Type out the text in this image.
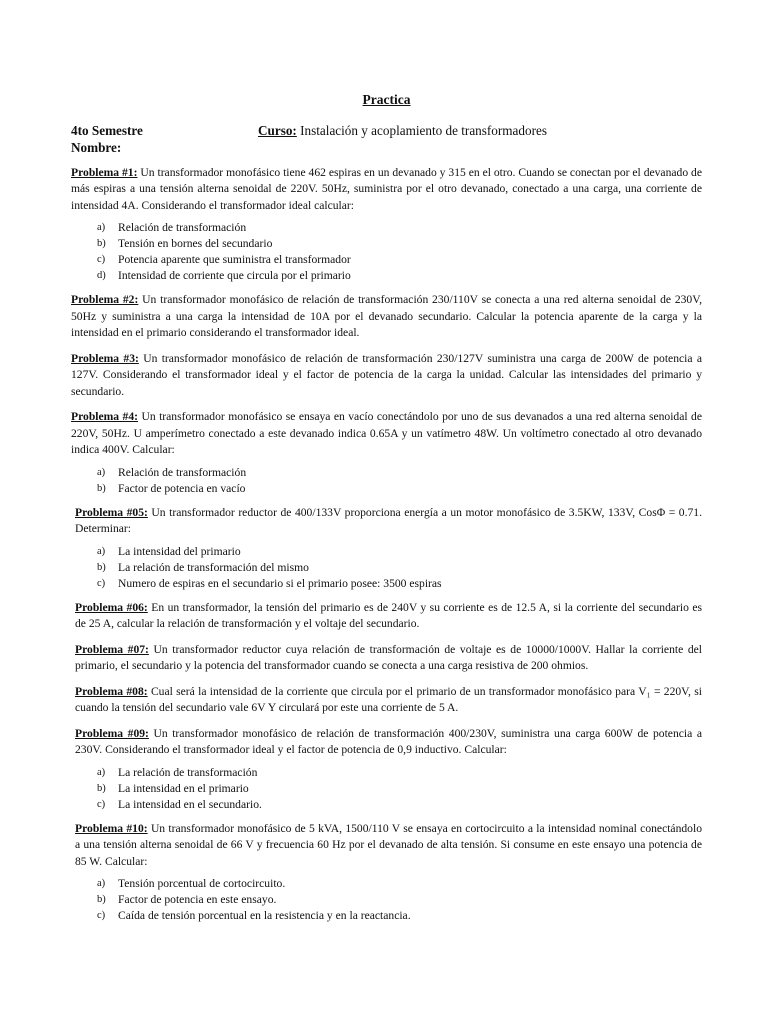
Practica
4to Semestre	Curso: Instalación y acoplamiento de transformadores
Nombre:

Problema #1: Un transformador monofásico tiene 462 espiras en un devanado y 315 en el otro. Cuando se conectan por el devanado de más espiras a una tensión alterna senoidal de 220V. 50Hz, suministra por el otro devanado, conectado a una carga, una corriente de intensidad 4A. Considerando el transformador ideal calcular:

a) Relación de transformación
b) Tensión en bornes del secundario
c) Potencia aparente que suministra el transformador
d) Intensidad de corriente que circula por el primario

Problema #2: Un transformador monofásico de relación de transformación 230/110V se conecta a una red alterna senoidal de 230V, 50Hz y suministra a una carga la intensidad de 10A por el devanado secundario. Calcular la potencia aparente de la carga y la intensidad en el primario considerando el transformador ideal.

Problema #3: Un transformador monofásico de relación de transformación 230/127V suministra una carga de 200W de potencia a 127V. Considerando el transformador ideal y el factor de potencia de la carga la unidad. Calcular las intensidades del primario y secundario.

Problema #4: Un transformador monofásico se ensaya en vacío conectándolo por uno de sus devanados a una red alterna senoidal de 220V, 50Hz. U amperímetro conectado a este devanado indica 0.65A y un vatímetro 48W. Un voltímetro conectado al otro devanado indica 400V. Calcular:

a) Relación de transformación
b) Factor de potencia en vacío

Problema #05: Un transformador reductor de 400/133V proporciona energía a un motor monofásico de 3.5KW, 133V, CosΦ = 0.71. Determinar:

a) La intensidad del primario
b) La relación de transformación del mismo
c) Numero de espiras en el secundario si el primario posee: 3500 espiras

Problema #06: En un transformador, la tensión del primario es de 240V y su corriente es de 12.5 A, si la corriente del secundario es de 25 A, calcular la relación de transformación y el voltaje del secundario.

Problema #07: Un transformador reductor cuya relación de transformación de voltaje es de 10000/1000V. Hallar la corriente del primario, el secundario y la potencia del transformador cuando se conecta a una carga resistiva de 200 ohmios.

Problema #08: Cual será la intensidad de la corriente que circula por el primario de un transformador monofásico para V₁ = 220V, si cuando la tensión del secundario vale 6V Y circulará por este una corriente de 5 A.

Problema #09: Un transformador monofásico de relación de transformación 400/230V, suministra una carga 600W de potencia a 230V. Considerando el transformador ideal y el factor de potencia de 0,9 inductivo. Calcular:

a) La relación de transformación
b) La intensidad en el primario
c) La intensidad en el secundario.

Problema #10: Un transformador monofásico de 5 kVA, 1500/110 V se ensaya en cortocircuito a la intensidad nominal conectándolo a una tensión alterna senoidal de 66 V y frecuencia 60 Hz por el devanado de alta tensión. Si consume en este ensayo una potencia de 85 W. Calcular:

a) Tensión porcentual de cortocircuito.
b) Factor de potencia en este ensayo.
c) Caída de tensión porcentual en la resistencia y en la reactancia.
